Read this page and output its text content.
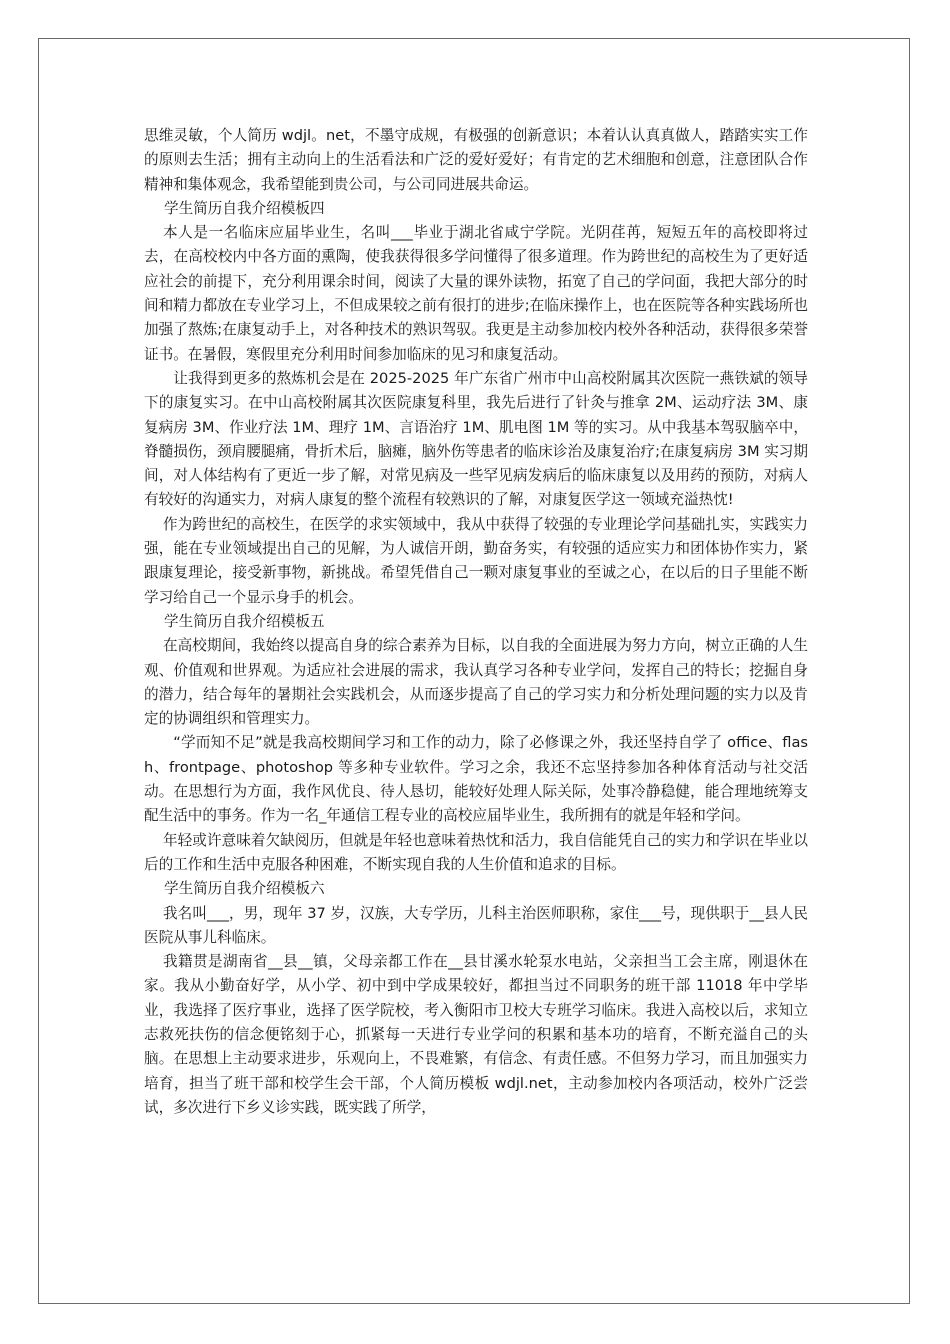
思维灵敏，个人简历 wdjl。net，不墨守成规，有极强的创新意识；本着认认真真做人，踏踏实实工作的原则去生活；拥有主动向上的生活看法和广泛的爱好爱好；有肯定的艺术细胞和创意，注意团队合作精神和集体观念，我希望能到贵公司，与公司同进展共命运。

学生简历自我介绍模板四

本人是一名临床应届毕业生，名叫___毕业于湖北省咸宁学院。光阴荏苒，短短五年的高校即将过去，在高校校内中各方面的熏陶，使我获得很多学问懂得了很多道理。作为跨世纪的高校生为了更好适应社会的前提下，充分利用课余时间，阅读了大量的课外读物，拓宽了自己的学问面，我把大部分的时间和精力都放在专业学习上，不但成果较之前有很打的进步;在临床操作上，也在医院等各种实践场所也加强了熬炼;在康复动手上，对各种技术的熟识驾驭。我更是主动参加校内校外各种活动，获得很多荣誉证书。在暑假，寒假里充分利用时间参加临床的见习和康复活动。

让我得到更多的熬炼机会是在 2025-2025 年广东省广州市中山高校附属其次医院一燕铁斌的领导下的康复实习。在中山高校附属其次医院康复科里，我先后进行了针灸与推拿 2M、运动疗法 3M、康复病房 3M、作业疗法 1M、理疗 1M、言语治疗 1M、肌电图 1M 等的实习。从中我基本驾驭脑卒中，脊髓损伤，颈肩腰腿痛，骨折术后，脑瘫，脑外伤等患者的临床诊治及康复治疗;在康复病房 3M 实习期间，对人体结构有了更近一步了解，对常见病及一些罕见病发病后的临床康复以及用药的预防，对病人有较好的沟通实力，对病人康复的整个流程有较熟识的了解，对康复医学这一领域充溢热忱!

作为跨世纪的高校生，在医学的求实领域中，我从中获得了较强的专业理论学问基础扎实，实践实力强，能在专业领域提出自己的见解，为人诚信开朗，勤奋务实，有较强的适应实力和团体协作实力，紧跟康复理论，接受新事物，新挑战。希望凭借自己一颗对康复事业的至诚之心，在以后的日子里能不断学习给自己一个显示身手的机会。

学生简历自我介绍模板五

在高校期间，我始终以提高自身的综合素养为目标，以自我的全面进展为努力方向，树立正确的人生观、价值观和世界观。为适应社会进展的需求，我认真学习各种专业学问，发挥自己的特长；挖掘自身的潜力，结合每年的暑期社会实践机会，从而逐步提高了自己的学习实力和分析处理问题的实力以及肯定的协调组织和管理实力。

“学而知不足”就是我高校期间学习和工作的动力，除了必修课之外，我还坚持自学了 office、flash、frontpage、photoshop 等多种专业软件。学习之余，我还不忘坚持参加各种体育活动与社交活动。在思想行为方面，我作风优良、待人恳切，能较好处理人际关际，处事冷静稳健，能合理地统筹支配生活中的事务。作为一名_年通信工程专业的高校应届毕业生，我所拥有的就是年轻和学问。

年轻或许意味着欠缺阅历，但就是年轻也意味着热忱和活力，我自信能凭自己的实力和学识在毕业以后的工作和生活中克服各种困难，不断实现自我的人生价值和追求的目标。

学生简历自我介绍模板六

我名叫___，男，现年 37 岁，汉族，大专学历，儿科主治医师职称，家住___号，现供职于__县人民医院从事儿科临床。

我籍贯是湖南省__县__镇，父母亲都工作在__县甘溪水轮泵水电站，父亲担当工会主席，刚退休在家。我从小勤奋好学，从小学、初中到中学成果较好，都担当过不同职务的班干部 11018 年中学毕业，我选择了医疗事业，选择了医学院校，考入衡阳市卫校大专班学习临床。我进入高校以后，求知立志救死扶伤的信念便铭刻于心，抓紧每一天进行专业学问的积累和基本功的培育，不断充溢自己的头脑。在思想上主动要求进步，乐观向上，不畏难繁，有信念、有责任感。不但努力学习，而且加强实力培育，担当了班干部和校学生会干部，个人简历模板 wdjl.net，主动参加校内各项活动，校外广泛尝试，多次进行下乡义诊实践，既实践了所学，
